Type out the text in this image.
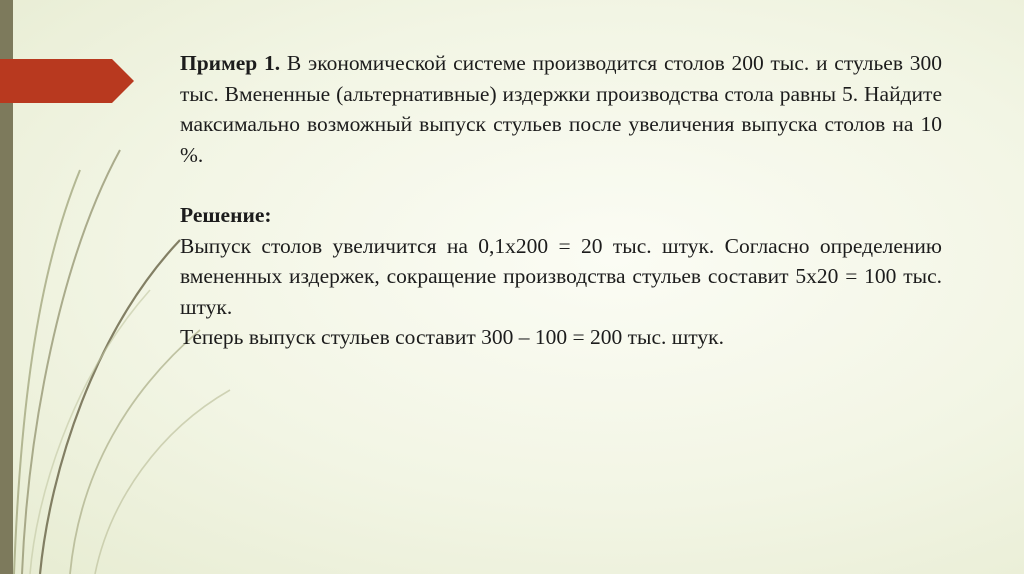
Пример 1. В экономической системе производится столов 200 тыс. и стульев 300 тыс. Вмененные (альтернативные) издержки производства стола равны 5. Найдите максимально возможный выпуск стульев после увеличения выпуска столов на 10 %.

Решение:

Выпуск столов увеличится на 0,1х200 = 20 тыс. штук. Согласно определению вмененных издержек, сокращение производства стульев составит 5х20 = 100 тыс. штук.

Теперь выпуск стульев составит 300 – 100 = 200 тыс. штук.
